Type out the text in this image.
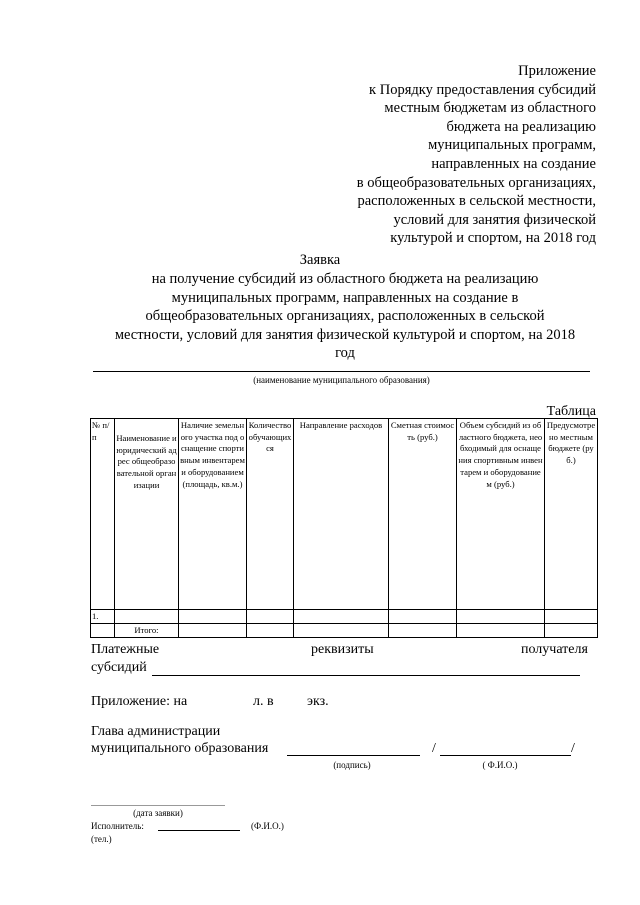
Приложение
к Порядку предоставления субсидий
местным бюджетам из областного
бюджета на реализацию
муниципальных программ,
направленных на создание
в общеобразовательных организациях,
расположенных в сельской местности,
условий для занятия физической
культурой и спортом, на 2018 год
Заявка
на получение субсидий из областного бюджета на реализацию муниципальных программ, направленных на создание в общеобразовательных организациях, расположенных в сельской местности, условий для занятия физической культурой и спортом, на 2018 год
(наименование муниципального образования)
Таблица
№ п/п	Наименование и юридический адрес общеобразовательной организации	Наличие земельного участка под оснащение спортивным инвентарем и оборудованием (площадь, кв.м.)	Количество обучающихся	Направление расходов	Сметная стоимость (руб.)	Объем субсидий из областного бюджета, необходимый для оснащения спортивным инвентарем и оборудованием (руб.)	Предусмотрено местным бюджете (руб.)
1.							
	Итого:						
Платежные	реквизиты	получателя
субсидий
Приложение: на	л. в экз.
Глава администрации
муниципального образования	/	/
(подпись)	( Ф.И.О.)
(дата заявки)
Исполнитель:	(Ф.И.О.)
(тел.)
